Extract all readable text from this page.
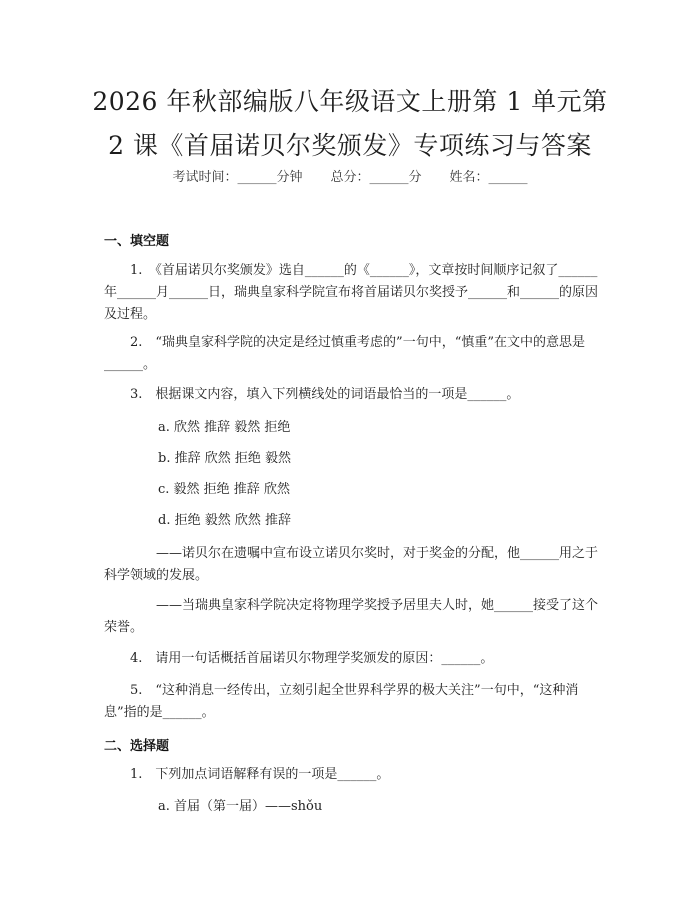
2026 年秋部编版八年级语文上册第 1 单元第
2 课《首届诺贝尔奖颁发》专项练习与答案
考试时间：______分钟 总分：______分 姓名：______
一、填空题

1.　《首届诺贝尔奖颁发》选自______的《______》，文章按时间顺序记叙了______年______月______日，瑞典皇家科学院宣布将首届诺贝尔奖授予______和______的原因及过程。

2.　“瑞典皇家科学院的决定是经过慎重考虑的”一句中，“慎重”在文中的意思是______。

3.　根据课文内容，填入下列横线处的词语最恰当的一项是______。

a. 欣然 推辞 毅然 拒绝

b. 推辞 欣然 拒绝 毅然

c. 毅然 拒绝 推辞 欣然

d. 拒绝 毅然 欣然 推辞

——诺贝尔在遗嘱中宣布设立诺贝尔奖时，对于奖金的分配，他______用之于科学领域的发展。

——当瑞典皇家科学院决定将物理学奖授予居里夫人时，她______接受了这个荣誉。

4.　请用一句话概括首届诺贝尔物理学奖颁发的原因：______。

5.　“这种消息一经传出，立刻引起全世界科学界的极大关注”一句中，“这种消息”指的是______。

二、选择题

1.　下列加点词语解释有误的一项是______。

a. 首届（第一届）——shǒu
